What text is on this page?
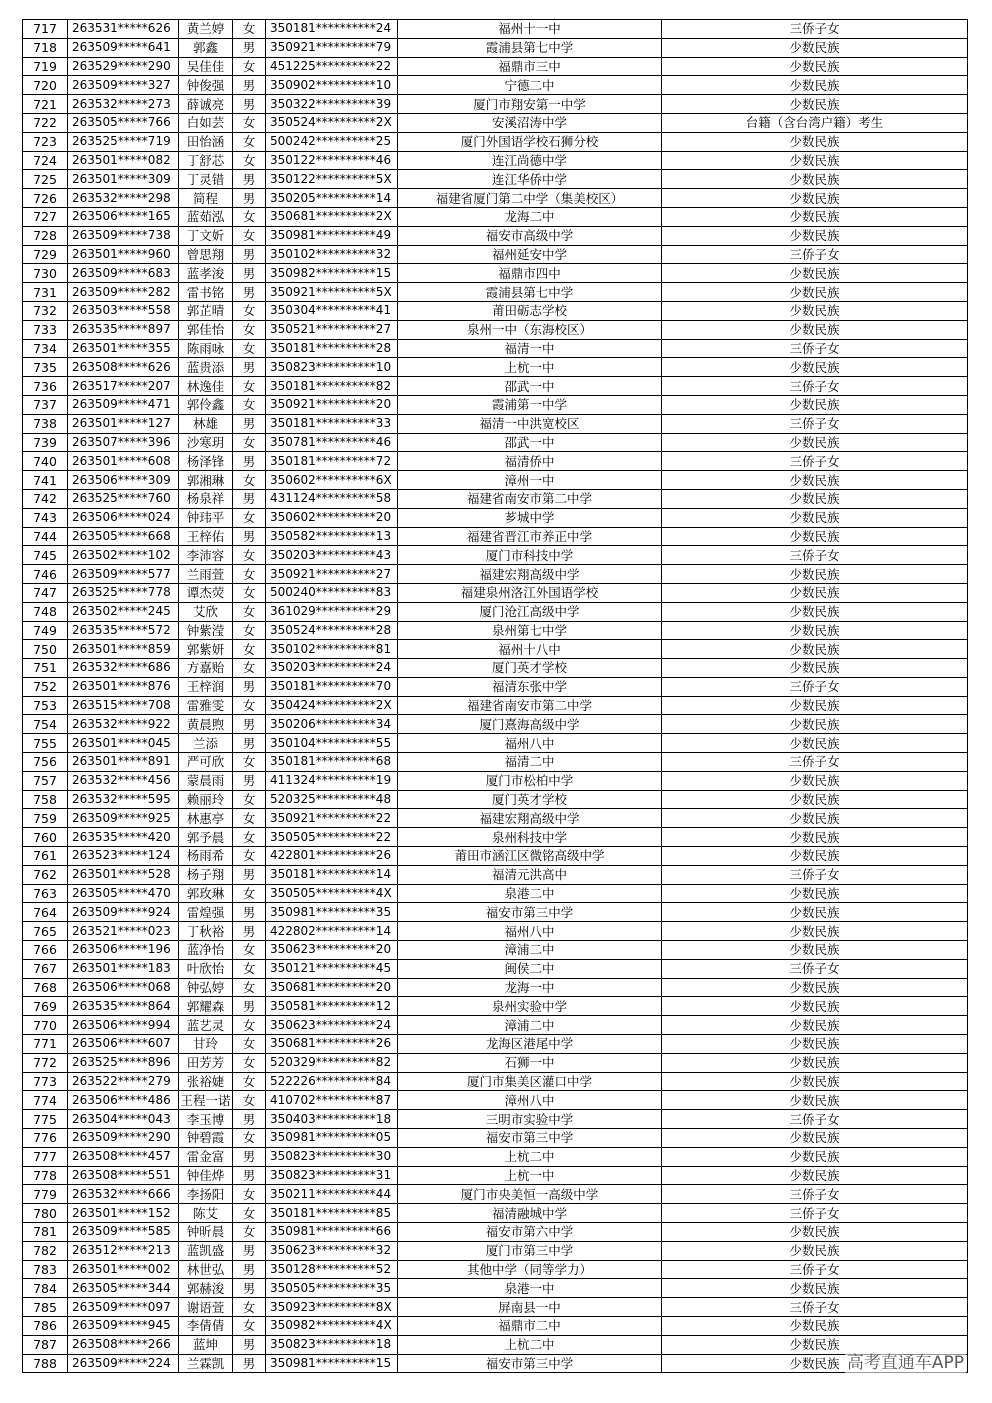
717	263531*****626	黄兰婷	女	350181**********24	福州十一中	三侨子女
718	263509*****641	郭鑫	男	350921**********79	霞浦县第七中学	少数民族
719	263529*****290	吴佳佳	女	451225**********22	福鼎市三中	少数民族
720	263509*****327	钟俊强	男	350902**********10	宁德二中	少数民族
721	263532*****273	薛诚亮	男	350322**********39	厦门市翔安第一中学	少数民族
722	263505*****766	白如芸	女	350524**********2X	安溪沼涛中学	台籍（含台湾户籍）考生
723	263525*****719	田怡涵	女	500242**********25	厦门外国语学校石狮分校	少数民族
724	263501*****082	丁舒芯	女	350122**********46	连江尚德中学	少数民族
725	263501*****309	丁灵错	男	350122**********5X	连江华侨中学	少数民族
726	263532*****298	简程	男	350205**********14	福建省厦门第二中学（集美校区）	少数民族
727	263506*****165	蓝茹泓	女	350681**********2X	龙海二中	少数民族
728	263509*****738	丁文妡	女	350981**********49	福安市高级中学	少数民族
729	263501*****960	曾思翔	男	350102**********32	福州延安中学	三侨子女
730	263509*****683	蓝孝浚	男	350982**********15	福鼎市四中	少数民族
731	263509*****282	雷书铭	男	350921**********5X	霞浦县第七中学	少数民族
732	263503*****558	郭芷晴	女	350304**********41	莆田砺志学校	少数民族
733	263535*****897	郭佳怡	女	350521**********27	泉州一中（东海校区）	少数民族
734	263501*****355	陈雨咏	女	350181**********28	福清一中	三侨子女
735	263508*****626	蓝贵添	男	350823**********10	上杭一中	少数民族
736	263517*****207	林逸佳	女	350181**********82	邵武一中	三侨子女
737	263509*****471	郭伶鑫	女	350921**********20	霞浦第一中学	少数民族
738	263501*****127	林雄	男	350181**********33	福清一中洪宽校区	三侨子女
739	263507*****396	沙寒玥	女	350781**********46	邵武一中	少数民族
740	263501*****608	杨泽锋	男	350181**********72	福清侨中	三侨子女
741	263506*****309	郭湘琳	女	350602**********6X	漳州一中	少数民族
742	263525*****760	杨泉祥	男	431124**********58	福建省南安市第二中学	少数民族
743	263506*****024	钟玮平	女	350602**********20	芗城中学	少数民族
744	263505*****668	王梓佑	男	350582**********13	福建省晋江市养正中学	少数民族
745	263502*****102	李沛容	女	350203**********43	厦门市科技中学	三侨子女
746	263509*****577	兰雨萱	女	350921**********27	福建宏翔高级中学	少数民族
747	263525*****778	谭杰荧	女	500240**********83	福建泉州洛江外国语学校	少数民族
748	263502*****245	艾欣	女	361029**********29	厦门沧江高级中学	少数民族
749	263535*****572	钟紫滢	女	350524**********28	泉州第七中学	少数民族
750	263501*****859	郭紫妍	女	350102**********81	福州十八中	少数民族
751	263532*****686	方嘉贻	女	350203**********24	厦门英才学校	少数民族
752	263501*****876	王梓润	男	350181**********70	福清东张中学	三侨子女
753	263515*****708	雷雅雯	女	350424**********2X	福建省南安市第二中学	少数民族
754	263532*****922	黄晨煦	男	350206**********34	厦门熹海高级中学	少数民族
755	263501*****045	兰添	男	350104**********55	福州八中	少数民族
756	263501*****891	严可欣	女	350181**********68	福清二中	三侨子女
757	263532*****456	蒙晨雨	男	411324**********19	厦门市松柏中学	少数民族
758	263532*****595	赖丽玲	女	520325**********48	厦门英才学校	少数民族
759	263509*****925	林惠亭	女	350921**********22	福建宏翔高级中学	少数民族
760	263535*****420	郭予晨	女	350505**********22	泉州科技中学	少数民族
761	263523*****124	杨雨希	女	422801**********26	莆田市涵江区微铭高级中学	少数民族
762	263501*****528	杨子翔	男	350181**********14	福清元洪高中	三侨子女
763	263505*****470	郭玫琳	女	350505**********4X	泉港二中	少数民族
764	263509*****924	雷煌强	男	350981**********35	福安市第三中学	少数民族
765	263521*****023	丁秋裕	男	422802**********14	福州八中	少数民族
766	263506*****196	蓝净怡	女	350623**********20	漳浦二中	少数民族
767	263501*****183	叶欣怡	女	350121**********45	闽侯二中	三侨子女
768	263506*****068	钟弘婷	女	350681**********20	龙海一中	少数民族
769	263535*****864	郭耀森	男	350581**********12	泉州实验中学	少数民族
770	263506*****994	蓝艺灵	女	350623**********24	漳浦二中	少数民族
771	263506*****607	甘玲	女	350681**********26	龙海区港尾中学	少数民族
772	263525*****896	田芳芳	女	520329**********82	石狮一中	少数民族
773	263522*****279	张裕婕	女	522226**********84	厦门市集美区灌口中学	少数民族
774	263506*****486	王程一诺	女	410702**********87	漳州八中	少数民族
775	263504*****043	李玉博	男	350403**********18	三明市实验中学	三侨子女
776	263509*****290	钟碧霞	女	350981**********05	福安市第三中学	少数民族
777	263508*****457	雷金富	男	350823**********30	上杭二中	少数民族
778	263508*****551	钟佳烨	男	350823**********31	上杭一中	少数民族
779	263532*****666	李扬阳	女	350211**********44	厦门市央美恒一高级中学	三侨子女
780	263501*****152	陈艾	女	350181**********85	福清融城中学	三侨子女
781	263509*****585	钟昕晨	女	350981**********66	福安市第六中学	少数民族
782	263512*****213	蓝凯盛	男	350623**********32	厦门市第三中学	少数民族
783	263501*****002	林世弘	男	350128**********52	其他中学（同等学力）	三侨子女
784	263505*****344	郭赫浚	男	350505**********35	泉港一中	少数民族
785	263509*****097	谢语萱	女	350923**********8X	屏南县一中	三侨子女
786	263509*****945	李倩倩	女	350982**********4X	福鼎市二中	少数民族
787	263508*****266	蓝坤	男	350823**********18	上杭二中	少数民族
788	263509*****224	兰霖凯	男	350981**********15	福安市第三中学	少数民族 高考直通车APP
